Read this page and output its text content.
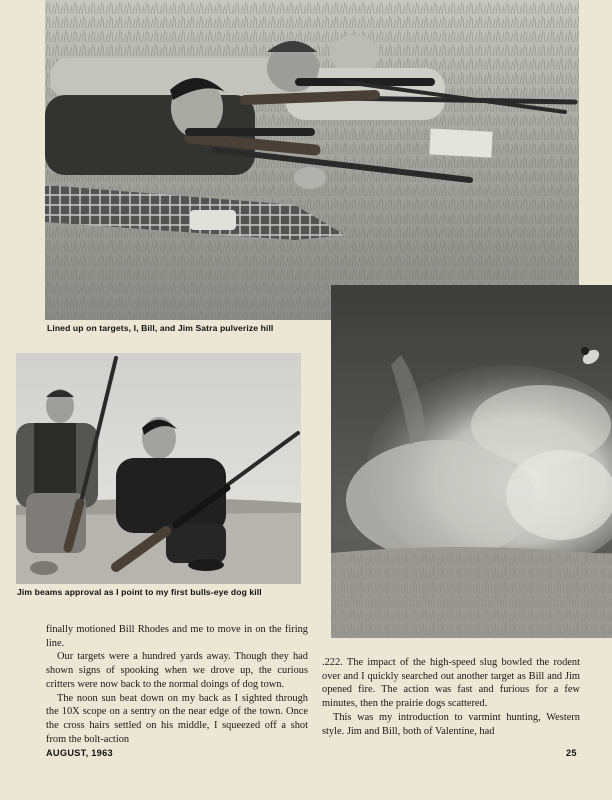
Lined up on targets, I, Bill, and Jim Satra pulverize hill
Jim beams approval as I point to my first bulls-eye dog kill

finally motioned Bill Rhodes and me to move in on the firing line.

Our targets were a hundred yards away. Though they had shown signs of spooking when we drove up, the curious critters were now back to the normal doings of dog town.

The noon sun beat down on my back as I sighted through the 10X scope on a sentry on the near edge of the town. Once the cross hairs settled on his middle, I squeezed off a shot from the bolt-action

.222. The impact of the high-speed slug bowled the rodent over and I quickly searched out another target as Bill and Jim opened fire. The action was fast and furious for a few minutes, then the prairie dogs scattered.

This was my introduction to varmint hunting, Western style. Jim and Bill, both of Valentine, had

AUGUST, 1963	25
